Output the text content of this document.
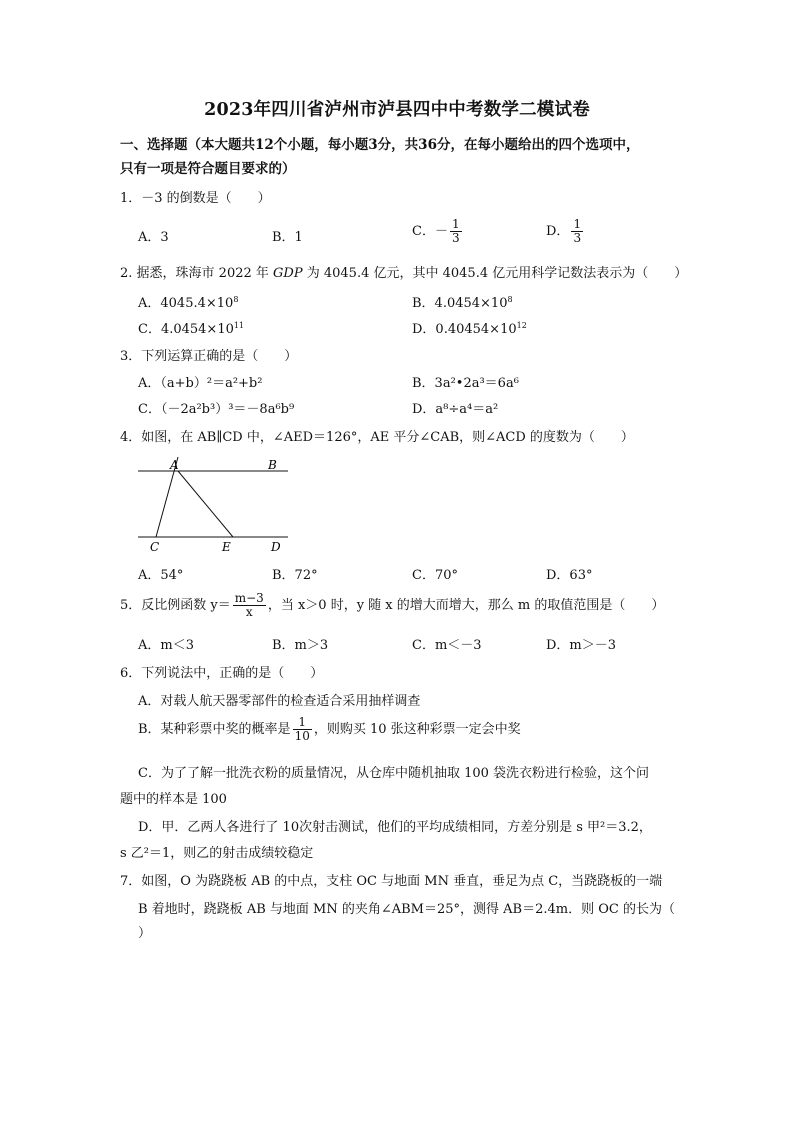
2023年四川省泸州市泸县四中中考数学二模试卷
一、选择题（本大题共12个小题，每小题3分，共36分，在每小题给出的四个选项中，
只有一项是符合题目要求的）
1．－3 的倒数是（　　）
A．3	B．1	C．－ $\frac{1}{3}$	D． $\frac{1}{3}$
2. 据悉，珠海市 2022 年 GDP 为 4045.4 亿元，其中 4045.4 亿元用科学记数法表示为（　　）
A．$4045.4\times 10^8$	B．$4.0454\times 10^8$
C．$4.0454\times 10^{11}$	D．$0.40454\times 10^{12}$
3．下列运算正确的是（　　）
A．（a+b）²＝a²+b²	B．3a²•2a³＝6a⁶
C．（－2a²b³）³＝－8a⁶b⁹	D．a⁸÷a⁴＝a²
4．如图，在 AB∥CD 中，∠AED＝126°，AE 平分∠CAB，则∠ACD 的度数为（　　）
A	B
C	E	D
A．54°	B．72°	C．70°	D．63°
5．反比例函数 $y= \frac{m-3}{x}$ ，当 x＞0 时，y 随 x 的增大而增大，那么 m 的取值范围是（　　）
A．m＜3	B．m＞3	C．m＜－3	D．m＞－3
6．下列说法中，正确的是（　　）
A．对载人航天器零部件的检查适合采用抽样调查
B．某种彩票中奖的概率是 $\frac{1}{10}$ ，则购买 10 张这种彩票一定会中奖
C．为了了解一批洗衣粉的质量情况，从仓库中随机抽取 100 袋洗衣粉进行检验，这个问
题中的样本是 100
D．甲．乙两人各进行了 10次射击测试，他们的平均成绩相同，方差分别是 s 甲²＝3.2，
s 乙²＝1，则乙的射击成绩较稳定
7．如图，O 为跷跷板 AB 的中点，支柱 OC 与地面 MN 垂直，垂足为点 C，当跷跷板的一端
B 着地时，跷跷板 AB 与地面 MN 的夹角∠ABM＝25°，测得 AB＝2.4m．则 OC 的长为（
）
